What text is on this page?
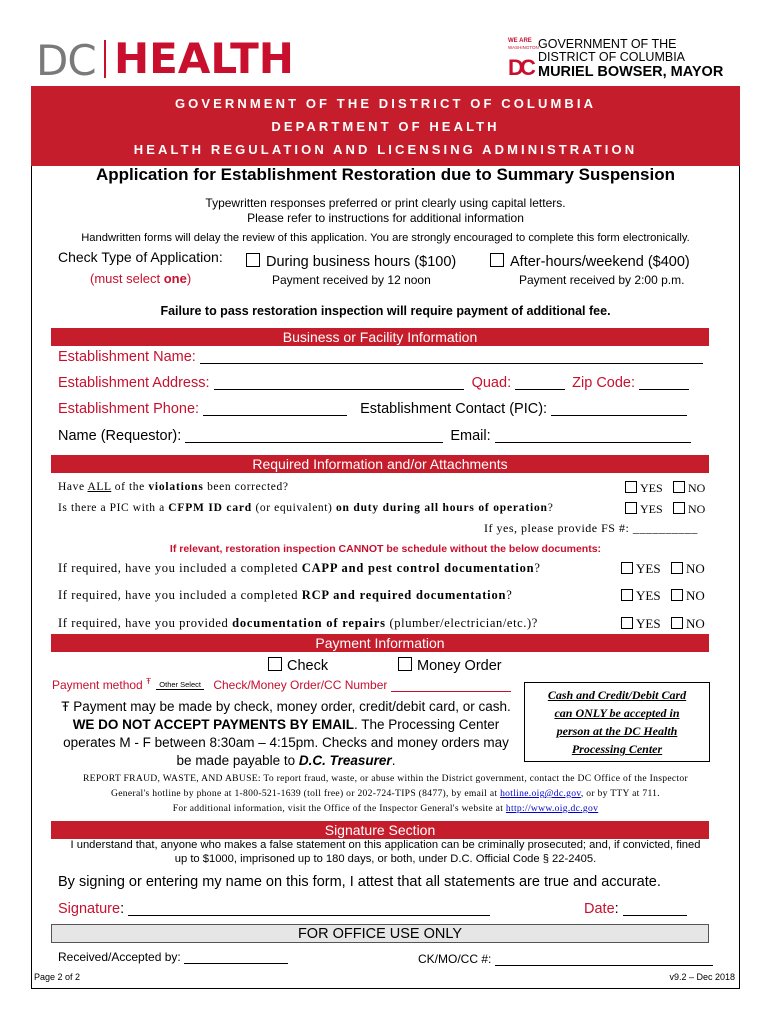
DC HEALTH	WE ARE
WASHINGTON
D
C
GOVERNMENT OF THE
DISTRICT OF COLUMBIA
MURIEL BOWSER, MAYOR
GOVERNMENT OF THE DISTRICT OF COLUMBIA
DEPARTMENT OF HEALTH
HEALTH REGULATION AND LICENSING ADMINISTRATION
Application for Establishment Restoration due to Summary Suspension
Typewritten responses preferred or print clearly using capital letters.
Please refer to instructions for additional information
Handwritten forms will delay the review of this application. You are strongly encouraged to complete this form electronically.
Check Type of Application:
(must select one)
During business hours ($100)
Payment received by 12 noon
After-hours/weekend ($400)
Payment received by 2:00 p.m.
Failure to pass restoration inspection will require payment of additional fee.
Business or Facility Information
Establishment Name:
Establishment Address:	Quad:	Zip Code:
Establishment Phone:	Establishment Contact (PIC):
Name (Requestor):	Email:
Required Information and/or Attachments
Have ALL of the violations been corrected?	YES	NO
Is there a PIC with a CFPM ID card (or equivalent) on duty during all hours of operation?	YES	NO
If yes, please provide FS #: __________
If relevant, restoration inspection CANNOT be schedule without the below documents:
If required, have you included a completed CAPP and pest control documentation?	YES	NO
If required, have you included a completed RCP and required documentation?	YES	NO
If required, have you provided documentation of repairs (plumber/electrician/etc.)?	YES	NO
Payment Information
Check	Money Order
Payment method $^Ŧ$ Other Select Check/Money Order/CC Number
Ŧ Payment may be made by check, money order, credit/debit card, or cash.
WE DO NOT ACCEPT PAYMENTS BY EMAIL. The Processing Center
operates M - F between 8:30am – 4:15pm. Checks and money orders may
be made payable to D.C. Treasurer.
Cash and Credit/Debit Card
can ONLY be accepted in
person at the DC Health
Processing Center
REPORT FRAUD, WASTE, AND ABUSE: To report fraud, waste, or abuse within the District government, contact the DC Office of the Inspector
General's hotline by phone at 1-800-521-1639 (toll free) or 202-724-TIPS (8477), by email at hotline.oig@dc.gov, or by TTY at 711.
For additional information, visit the Office of the Inspector General's website at http://www.oig.dc.gov
Signature Section
I understand that, anyone who makes a false statement on this application can be criminally prosecuted; and, if convicted, fined
up to $1000, imprisoned up to 180 days, or both, under D.C. Official Code § 22-2405.
By signing or entering my name on this form, I attest that all statements are true and accurate.
Signature:	Date:
FOR OFFICE USE ONLY
Received/Accepted by:	CK/MO/CC #:
Page 2 of 2	v9.2 – Dec 2018
